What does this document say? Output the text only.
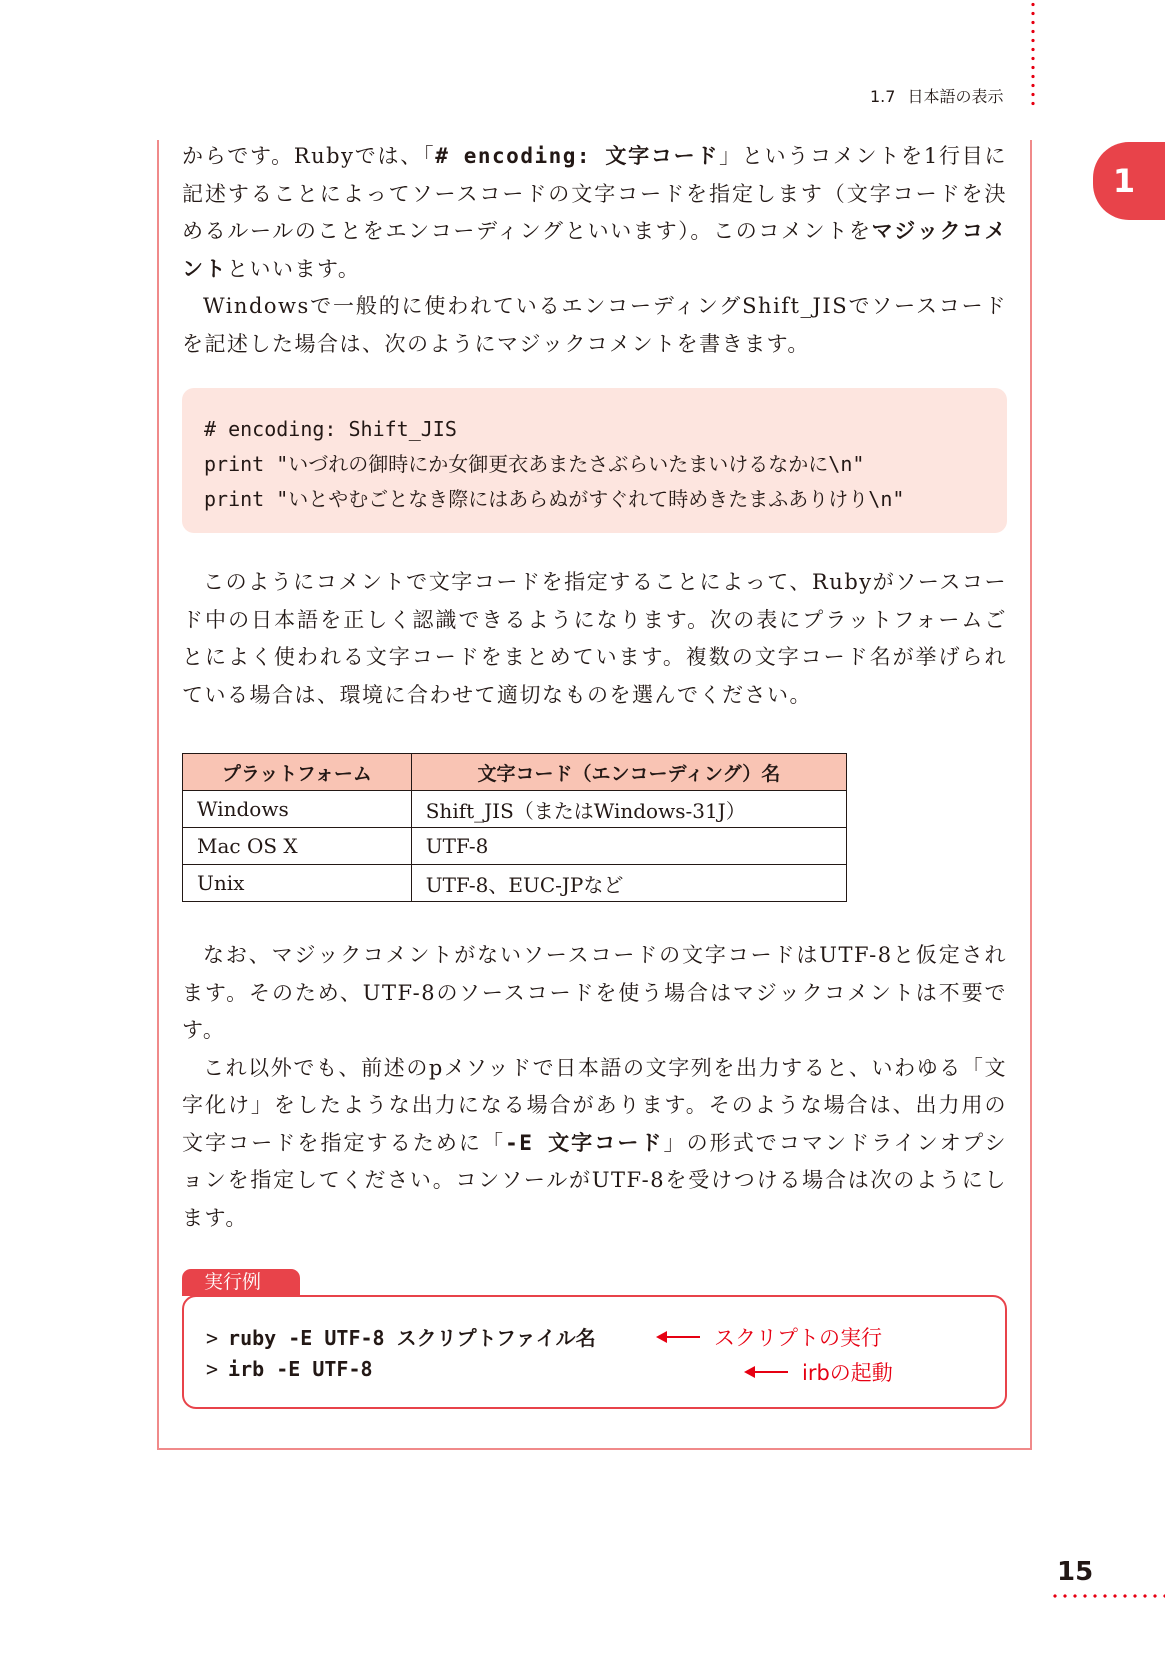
1.7 日本語の表示
1

からです。Rubyでは、「# encoding: 文字コード」というコメントを1行目に記述することによってソースコードの文字コードを指定します（文字コードを決めるルールのことをエンコーディングといいます）。このコメントをマジックコメントといいます。

Windowsで一般的に使われているエンコーディングShift_JISでソースコードを記述した場合は、次のようにマジックコメントを書きます。

# encoding: Shift_JIS
print "いづれの御時にか女御更衣あまたさぶらいたまいけるなかに\n"
print "いとやむごとなき際にはあらぬがすぐれて時めきたまふありけり\n"

このようにコメントで文字コードを指定することによって、Rubyがソースコード中の日本語を正しく認識できるようになります。次の表にプラットフォームごとによく使われる文字コードをまとめています。複数の文字コード名が挙げられている場合は、環境に合わせて適切なものを選んでください。

プラットフォーム	文字コード（エンコーディング）名
Windows	Shift_JIS（またはWindows-31J）
Mac OS X	UTF-8
Unix	UTF-8、EUC-JPなど

なお、マジックコメントがないソースコードの文字コードはUTF-8と仮定されます。そのため、UTF-8のソースコードを使う場合はマジックコメントは不要です。

これ以外でも、前述のpメソッドで日本語の文字列を出力すると、いわゆる「文字化け」をしたような出力になる場合があります。そのような場合は、出力用の文字コードを指定するために「-E 文字コード」の形式でコマンドラインオプションを指定してください。コンソールがUTF-8を受けつける場合は次のようにします。

実行例
> ruby -E UTF-8 スクリプトファイル名
> irb -E UTF-8
スクリプトの実行
irbの起動
15
